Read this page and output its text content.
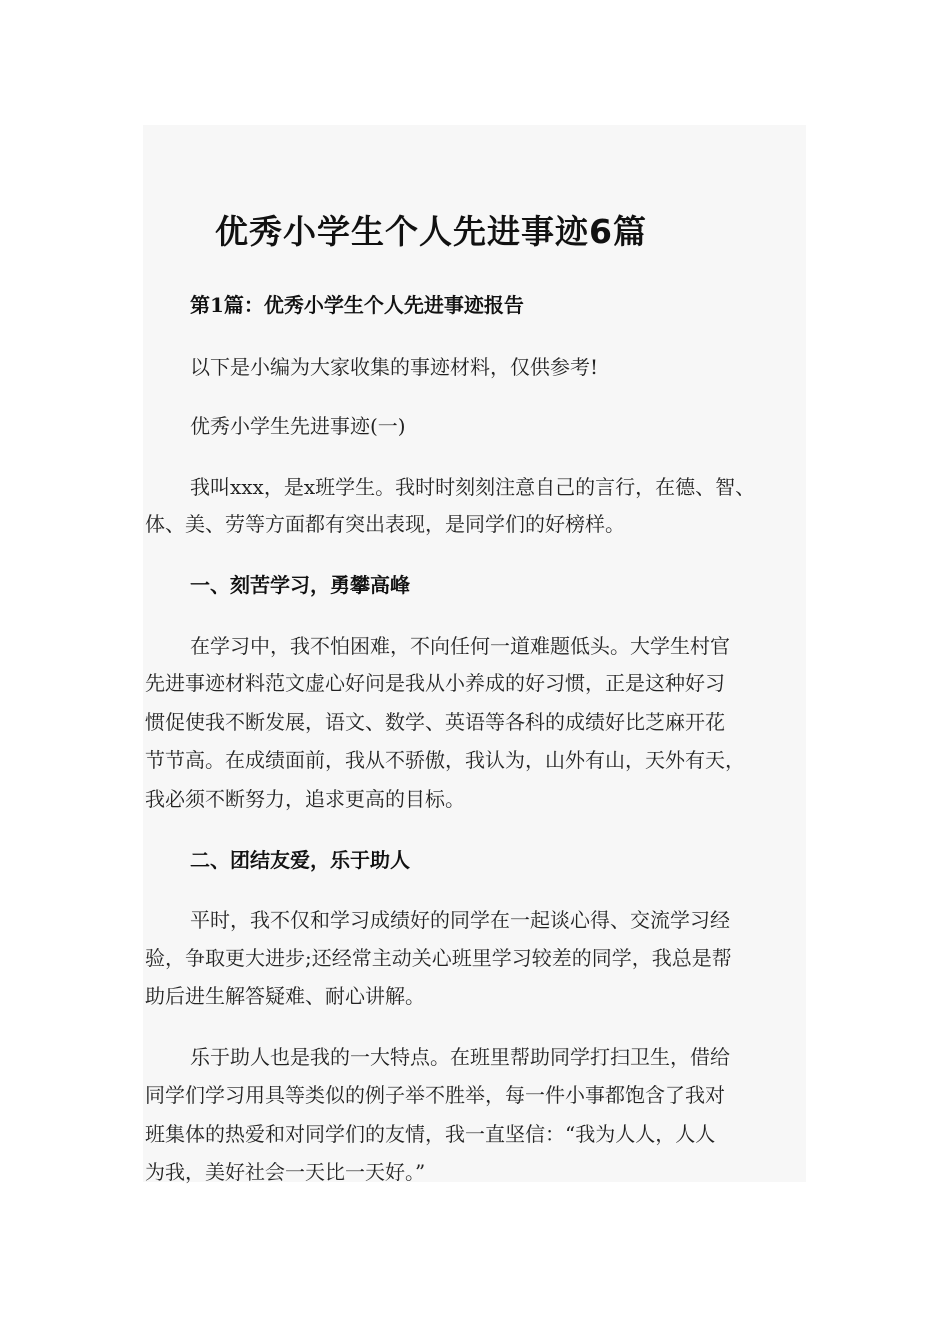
优秀小学生个人先进事迹6篇

第1篇：优秀小学生个人先进事迹报告

以下是小编为大家收集的事迹材料，仅供参考!

优秀小学生先进事迹(一)

我叫xxx，是x班学生。我时时刻刻注意自己的言行，在德、智、

体、美、劳等方面都有突出表现，是同学们的好榜样。

一、刻苦学习，勇攀高峰

在学习中，我不怕困难，不向任何一道难题低头。大学生村官

先进事迹材料范文虚心好问是我从小养成的好习惯，正是这种好习

惯促使我不断发展，语文、数学、英语等各科的成绩好比芝麻开花

节节高。在成绩面前，我从不骄傲，我认为，山外有山，天外有天，

我必须不断努力，追求更高的目标。

二、团结友爱，乐于助人

平时，我不仅和学习成绩好的同学在一起谈心得、交流学习经

验，争取更大进步;还经常主动关心班里学习较差的同学，我总是帮

助后进生解答疑难、耐心讲解。

乐于助人也是我的一大特点。在班里帮助同学打扫卫生，借给

同学们学习用具等类似的例子举不胜举，每一件小事都饱含了我对

班集体的热爱和对同学们的友情，我一直坚信：“我为人人，人人

为我，美好社会一天比一天好。”
